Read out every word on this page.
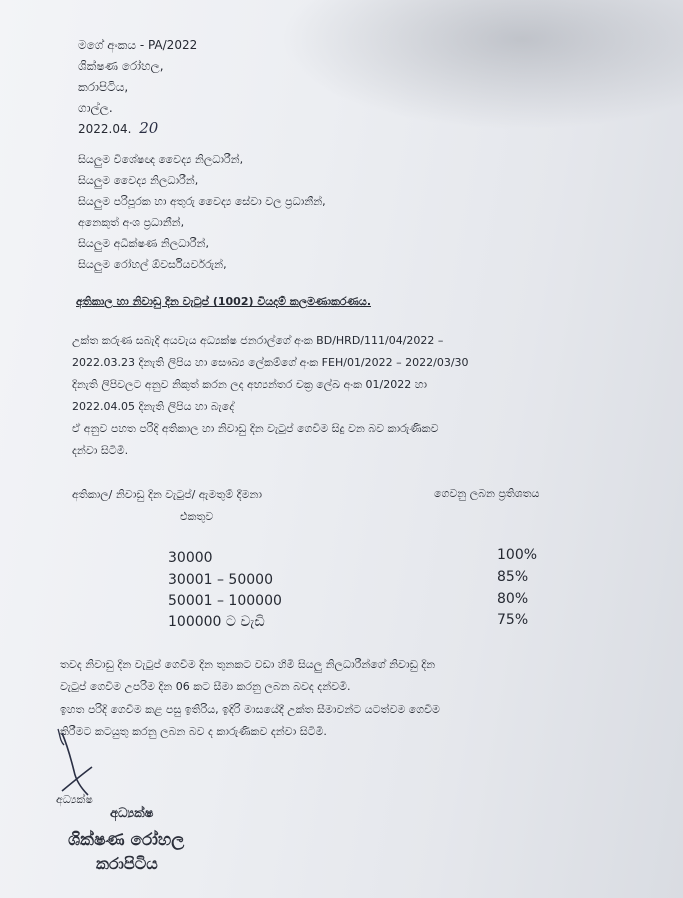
මගේ අංකය - PA/2022
ශික්ෂණ රෝහල,
කරාපිටිය,
ගාල්ල.
2022.04. 20
සියලුම විශේෂඥ වෛද්‍ය නිලධාරීන්,
සියලුම වෛද්‍ය නිලධාරීන්,
සියලුම පරිපූරක හා අතුරු වෛද්‍ය සේවා වල ප්‍රධානීන්,
අනෙකුත් අංශ ප්‍රධානීන්,
සියලුම අධීක්ෂණ නිලධාරීන්,
සියලුම රෝහල් ඕවර්සියර්වරුන්,
අතිකාල හා නිවාඩු දින වැටුප් (1002) වියදම් කලමණාකරණය.
උක්ත කරුණ සබැදි අයවැය අධ්‍යක්ෂ ජනරාල්ගේ අංක BD/HRD/111/04/2022 –
2022.03.23 දිනැති ලිපිය හා සෞඛ්‍ය ලේකම්ගේ අංක FEH/01/2022 – 2022/03/30
දිනැති ලිපිවලට අනුව නිකුත් කරන ලද අභ්‍යන්තර චක්‍ර ලේඛ අංක 01/2022 හා
2022.04.05 දිනැති ලිපිය හා බැදේ
ඒ අනුව පහත පරිදි අතිකාල හා නිවාඩු දින වැටුප් ගෙවීම සිදු වන බව කාරුණිකව
දන්වා සිටිමි.
අතිකාල/ නිවාඩු දින වැටුප්/ ඇමතුම් දීමනා
එකතුව
ගෙවනු ලබන ප්‍රතිශතය
30000	100%
30001 – 50000	85%
50001 – 100000	80%
100000 ට වැඩි	75%
තවද නිවාඩු දින වැටුප් ගෙවීම දින තුනකට වඩා හිමි සියලු නිලධාරීන්ගේ නිවාඩු දින
වැටුප් ගෙවීම උපරිම දින 06 කට සීමා කරනු ලබන බවද දන්වමි.
ඉහත පරිදි ගෙවීම කළ පසු ඉතිරිය, ඉදිරි මාසයේදී උක්ත සීමාවන්ට යටත්වම ගෙවීම
කිරීමට කටයුතු කරනු ලබන බව ද කාරුණිකව දන්වා සිටිමි.
අධ්‍යක්ෂ
අධ්‍යක්ෂ
ශික්ෂණ රෝහල
කරාපිටිය
